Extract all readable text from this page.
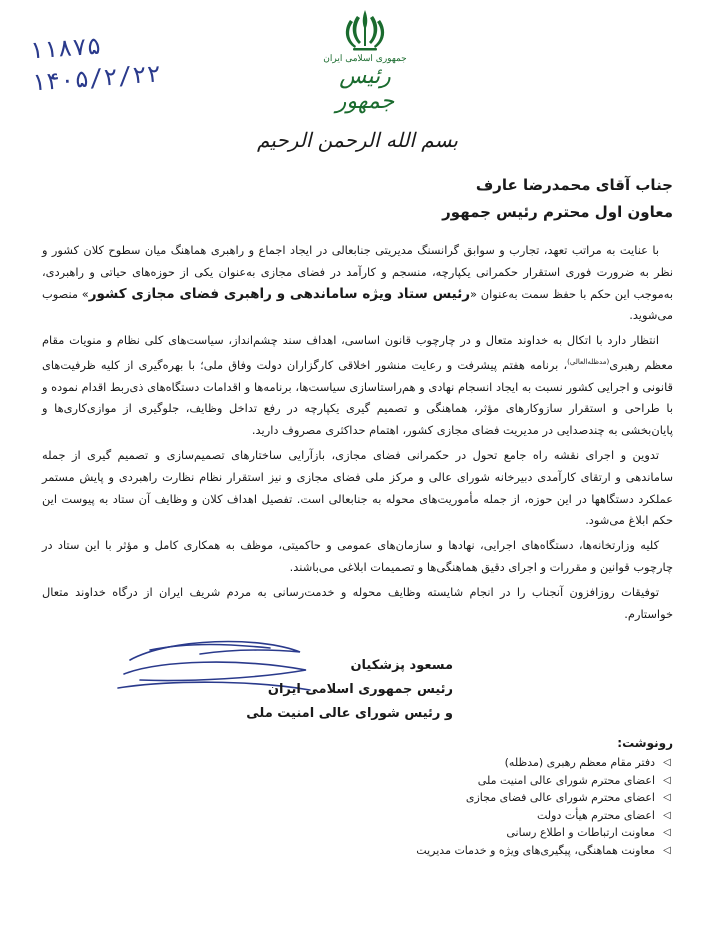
۱۱۸۷۵
۱۴۰۵/۲/۲۲
جمهوری اسلامی ایران
رئیس جمهور
بسم الله الرحمن الرحیم
جناب آقای محمدرضا عارف
معاون اول محترم رئیس جمهور

با عنایت به مراتب تعهد، تجارب و سوابق گرانسنگ مدیریتی جنابعالی در ایجاد اجماع و راهبری هماهنگ میان سطوح کلان کشور و نظر به ضرورت فوری استقرار حکمرانی یکپارچه، منسجم و کارآمد در فضای مجازی به‌عنوان یکی از حوزه‌های حیاتی و راهبردی، به‌موجب این حکم با حفظ سمت به‌عنوان «رئیس ستاد ویژه ساماندهی و راهبری فضای مجازی کشور» منصوب می‌شوید.

انتظار دارد با اتکال به خداوند متعال و در چارچوب قانون اساسی، اهداف سند چشم‌انداز، سیاست‌های کلی نظام و منویات مقام معظم رهبری$^{(مدظله‌العالی)}$، برنامه هفتم پیشرفت و رعایت منشور اخلاقی کارگزاران دولت وفاق ملی؛ با بهره‌گیری از کلیه ظرفیت‌های قانونی و اجرایی کشور نسبت به ایجاد انسجام نهادی و هم‌راستاسازی سیاست‌ها، برنامه‌ها و اقدامات دستگاه‌های ذی‌ربط اقدام نموده و با طراحی و استقرار سازوکارهای مؤثر، هماهنگی و تصمیم گیری یکپارچه در رفع تداخل وظایف، جلوگیری از موازی‌کاری‌ها و پایان‌بخشی به چندصدایی در مدیریت فضای مجازی کشور، اهتمام حداکثری مصروف دارید.

تدوین و اجرای نقشه راه جامع تحول در حکمرانی فضای مجازی، بازآرایی ساختارهای تصمیم‌سازی و تصمیم گیری از جمله ساماندهی و ارتقای کارآمدی دبیرخانه شورای عالی و مرکز ملی فضای مجازی و نیز استقرار نظام نظارت راهبردی و پایش مستمر عملکرد دستگاهها در این حوزه، از جمله مأموریت‌های محوله به جنابعالی است. تفصیل اهداف کلان و وظایف آن ستاد به پیوست این حکم ابلاغ می‌شود.

کلیه وزارتخانه‌ها، دستگاه‌های اجرایی، نهادها و سازمان‌های عمومی و حاکمیتی، موظف به همکاری کامل و مؤثر با این ستاد در چارچوب قوانین و مقررات و اجرای دقیق هماهنگی‌ها و تصمیمات ابلاغی می‌باشند.

توفیقات روزافزون آنجناب را در انجام شایسته وظایف محوله و خدمت‌رسانی به مردم شریف ایران از درگاه خداوند متعال خواستارم.

مسعود پزشکیان
رئیس جمهوری اسلامی ایران
و رئیس شورای عالی امنیت ملی
رونوشت:
◁
دفتر مقام معظم رهبری (مدظله)
◁
اعضای محترم شورای عالی امنیت ملی
◁
اعضای محترم شورای عالی فضای مجازی
◁
اعضای محترم هیأت دولت
◁
معاونت ارتباطات و اطلاع رسانی
◁
معاونت هماهنگی، پیگیری‌های ویژه و خدمات مدیریت
